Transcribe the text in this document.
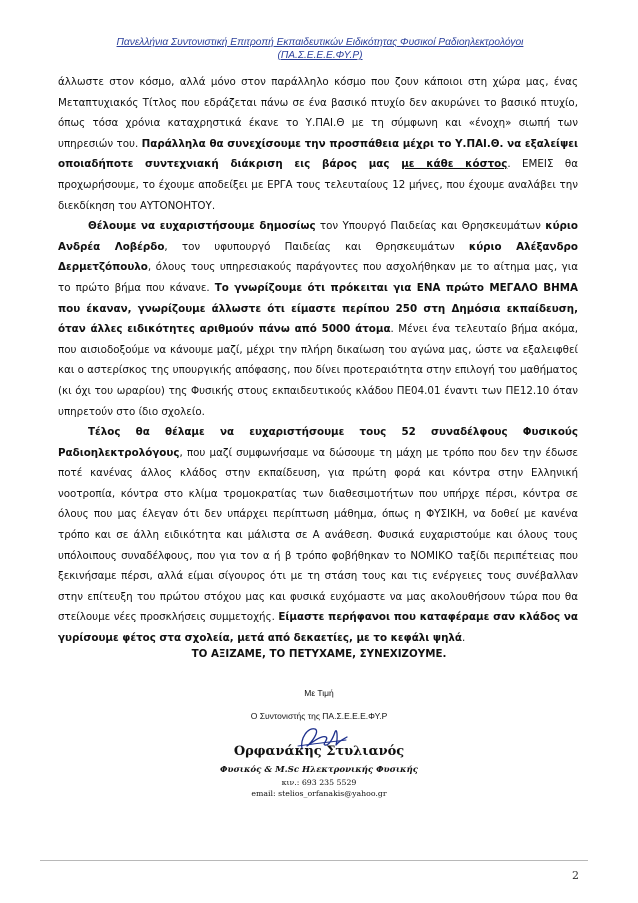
Πανελλήνια Συντονιστική Επιτροπή Εκπαιδευτικών Ειδικότητας Φυσικοί Ραδιοηλεκτρολόγοι
(ΠΑ.Σ.Ε.Ε.Ε.ΦΥ.Ρ)

άλλωστε στον κόσμο, αλλά μόνο στον παράλληλο κόσμο που ζουν κάποιοι στη χώρα μας, ένας Μεταπτυχιακός Τίτλος που εδράζεται πάνω σε ένα βασικό πτυχίο δεν ακυρώνει το βασικό πτυχίο, όπως τόσα χρόνια καταχρηστικά έκανε το Υ.ΠΑΙ.Θ με τη σύμφωνη και «ένοχη» σιωπή των υπηρεσιών του. Παράλληλα θα συνεχίσουμε την προσπάθεια μέχρι το Υ.ΠΑΙ.Θ. να εξαλείψει οποιαδήποτε συντεχνιακή διάκριση εις βάρος μας με κάθε κόστος. ΕΜΕΙΣ θα προχωρήσουμε, το έχουμε αποδείξει με ΕΡΓΑ τους τελευταίους 12 μήνες, που έχουμε αναλάβει την διεκδίκηση του ΑΥΤΟΝΟΗΤΟΥ.

Θέλουμε να ευχαριστήσουμε δημοσίως τον Υπουργό Παιδείας και Θρησκευμάτων κύριο Ανδρέα Λοβέρδο, τον υφυπουργό Παιδείας και Θρησκευμάτων κύριο Αλέξανδρο Δερμετζόπουλο, όλους τους υπηρεσιακούς παράγοντες που ασχολήθηκαν με το αίτημα μας, για το πρώτο βήμα που κάνανε. Το γνωρίζουμε ότι πρόκειται για ΕΝΑ πρώτο ΜΕΓΑΛΟ ΒΗΜΑ που έκαναν, γνωρίζουμε άλλωστε ότι είμαστε περίπου 250 στη Δημόσια εκπαίδευση, όταν άλλες ειδικότητες αριθμούν πάνω από 5000 άτομα. Μένει ένα τελευταίο βήμα ακόμα, που αισιοδοξούμε να κάνουμε μαζί, μέχρι την πλήρη δικαίωση του αγώνα μας, ώστε να εξαλειφθεί και ο αστερίσκος της υπουργικής απόφασης, που δίνει προτεραιότητα στην επιλογή του μαθήματος (κι όχι του ωραρίου) της Φυσικής στους εκπαιδευτικούς κλάδου ΠΕ04.01 έναντι των ΠΕ12.10 όταν υπηρετούν στο ίδιο σχολείο.

Τέλος θα θέλαμε να ευχαριστήσουμε τους 52 συναδέλφους Φυσικούς Ραδιοηλεκτρολόγους, που μαζί συμφωνήσαμε να δώσουμε τη μάχη με τρόπο που δεν την έδωσε ποτέ κανένας άλλος κλάδος στην εκπαίδευση, για πρώτη φορά και κόντρα στην Ελληνική νοοτροπία, κόντρα στο κλίμα τρομοκρατίας των διαθεσιμοτήτων που υπήρχε πέρσι, κόντρα σε όλους που μας έλεγαν ότι δεν υπάρχει περίπτωση μάθημα, όπως η ΦΥΣΙΚΗ, να δοθεί με κανένα τρόπο και σε άλλη ειδικότητα και μάλιστα σε Α ανάθεση. Φυσικά ευχαριστούμε και όλους τους υπόλοιπους συναδέλφους, που για τον α ή β τρόπο φοβήθηκαν το ΝΟΜΙΚΟ ταξίδι περιπέτειας που ξεκινήσαμε πέρσι, αλλά είμαι σίγουρος ότι με τη στάση τους και τις ενέργειες τους συνέβαλλαν στην επίτευξη του πρώτου στόχου μας και φυσικά ευχόμαστε να μας ακολουθήσουν τώρα που θα στείλουμε νέες προσκλήσεις συμμετοχής. Είμαστε περήφανοι που καταφέραμε σαν κλάδος να γυρίσουμε φέτος στα σχολεία, μετά από δεκαετίες, με το κεφάλι ψηλά.

ΤΟ ΑΞΙΖΑΜΕ, ΤΟ ΠΕΤΥΧΑΜΕ, ΣΥΝΕΧΙΖΟΥΜΕ.
Με Τιμή
Ο Συντονιστής της ΠΑ.Σ.Ε.Ε.Ε.ΦΥ.Ρ
Ορφανάκης Στυλιανός
Φυσικός & M.Sc Ηλεκτρονικής Φυσικής
κιν.: 693 235 5529
email: stelios_orfanakis@yahoo.gr
2
